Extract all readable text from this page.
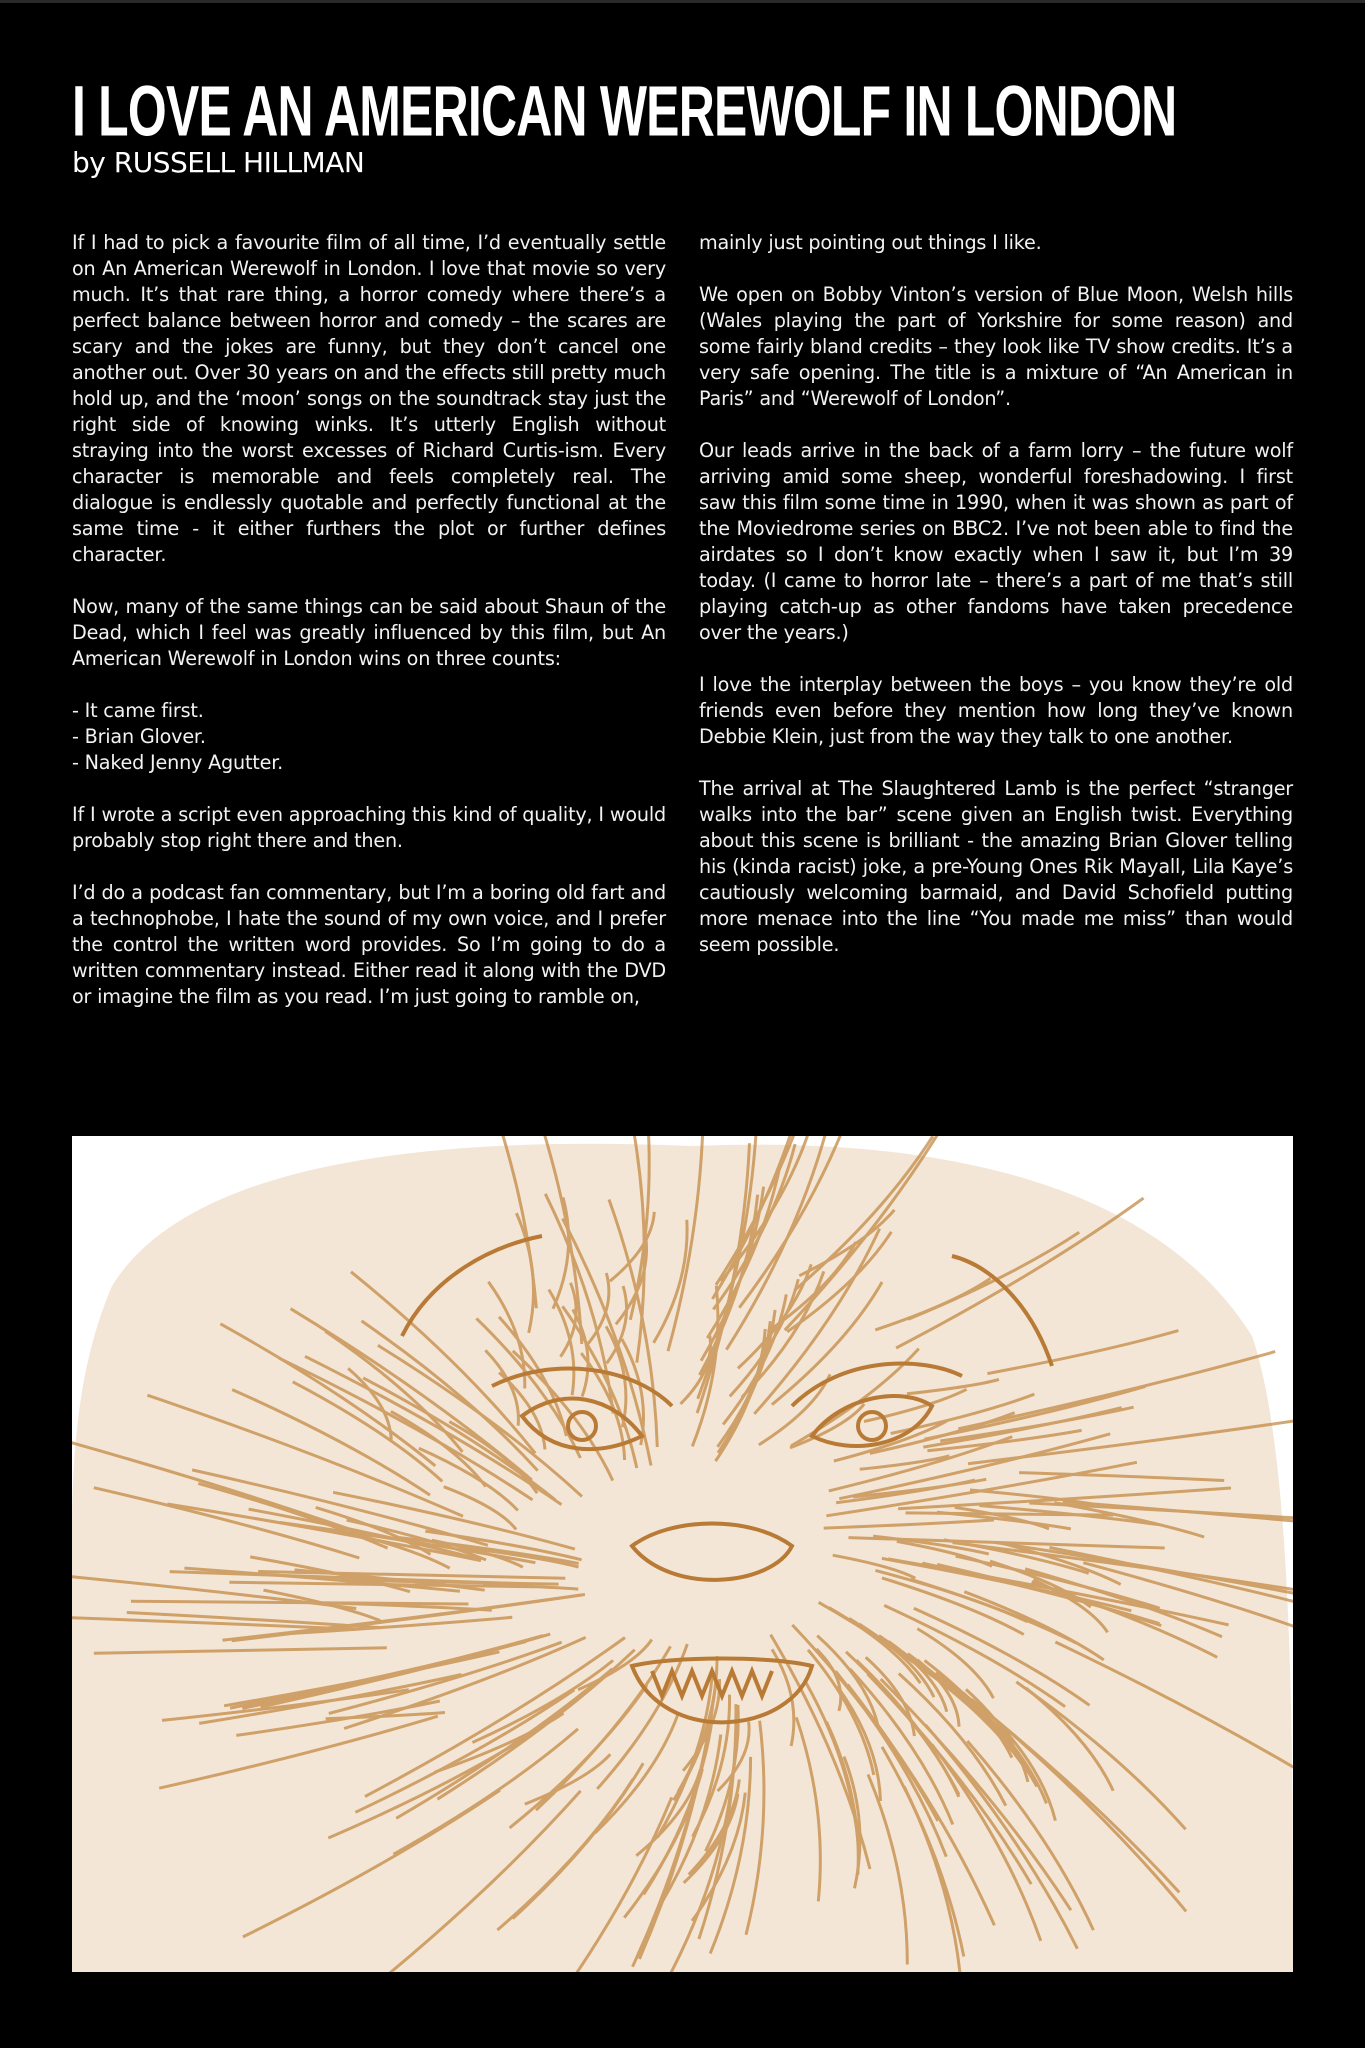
I LOVE AN AMERICAN WEREWOLF IN LONDON
by RUSSELL HILLMAN

If I had to pick a favourite film of all time, I’d eventually settle on An American Werewolf in London. I love that movie so very much. It’s that rare thing, a horror comedy where there’s a perfect balance between horror and comedy – the scares are scary and the jokes are funny, but they don’t cancel one another out. Over 30 years on and the effects still pretty much hold up, and the ‘moon’ songs on the soundtrack stay just the right side of knowing winks. It’s utterly English without straying into the worst excesses of Richard Curtis-ism. Every character is memorable and feels completely real. The dialogue is endlessly quotable and perfectly functional at the same time - it either furthers the plot or further defines character.

Now, many of the same things can be said about Shaun of the Dead, which I feel was greatly influenced by this film, but An American Werewolf in London wins on three counts:

- It came first.
- Brian Glover.
- Naked Jenny Agutter.

If I wrote a script even approaching this kind of quality, I would probably stop right there and then.

I’d do a podcast fan commentary, but I’m a boring old fart and a technophobe, I hate the sound of my own voice, and I prefer the control the written word provides. So I’m going to do a written commentary instead. Either read it along with the DVD or imagine the film as you read. I’m just going to ramble on,

mainly just pointing out things I like.

We open on Bobby Vinton’s version of Blue Moon, Welsh hills (Wales playing the part of Yorkshire for some reason) and some fairly bland credits – they look like TV show credits. It’s a very safe opening. The title is a mixture of “An American in Paris” and “Werewolf of London”.

Our leads arrive in the back of a farm lorry – the future wolf arriving amid some sheep, wonderful foreshadowing. I first saw this film some time in 1990, when it was shown as part of the Moviedrome series on BBC2. I’ve not been able to find the airdates so I don’t know exactly when I saw it, but I’m 39 today. (I came to horror late – there’s a part of me that’s still playing catch-up as other fandoms have taken precedence over the years.)

I love the interplay between the boys – you know they’re old friends even before they mention how long they’ve known Debbie Klein, just from the way they talk to one another.

The arrival at The Slaughtered Lamb is the perfect “stranger walks into the bar” scene given an English twist. Everything about this scene is brilliant - the amazing Brian Glover telling his (kinda racist) joke, a pre-Young Ones Rik Mayall, Lila Kaye’s cautiously welcoming barmaid, and David Schofield putting more menace into the line “You made me miss” than would seem possible.
